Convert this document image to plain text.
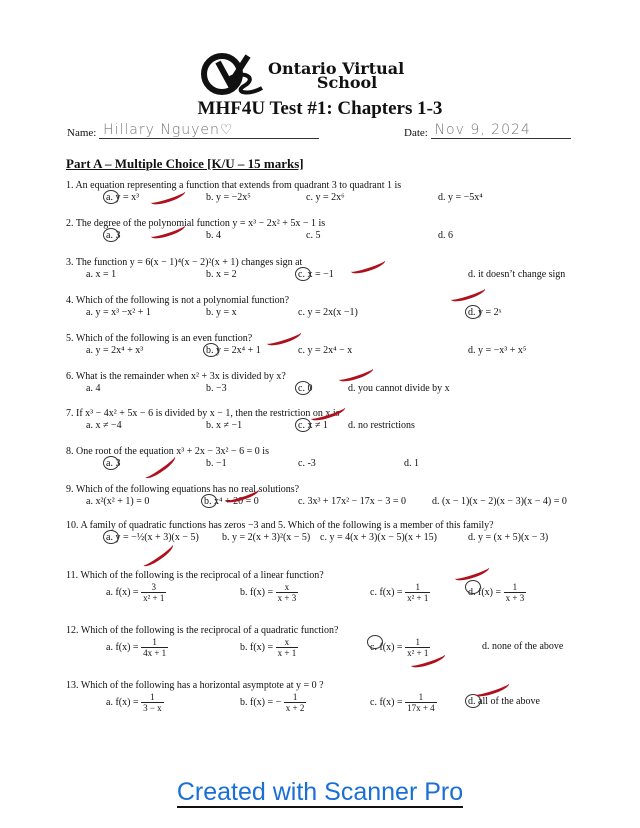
Ontario Virtual
School
MHF4U Test #1: Chapters 1-3
Name: Hillary Nguyen♡	Date: Nov 9, 2024
Part A – Multiple Choice [K/U – 15 marks]
1. An equation representing a function that extends from quadrant 3 to quadrant 1 is
a. y = x³	b. y = −2x⁵	c. y = 2x⁶	d. y = −5x⁴
2. The degree of the polynomial function y = x³ − 2x² + 5x − 1 is
a. 3	b. 4	c. 5	d. 6
3. The function y = 6(x − 1)⁴(x − 2)²(x + 1) changes sign at
a. x = 1	b. x = 2	c. x = −1	d. it doesn’t change sign
4. Which of the following is not a polynomial function?
a. y = x³ −x² + 1	b. y = x	c. y = 2x(x −1)	d. y = 2ˣ
5. Which of the following is an even function?
a. y = 2x⁴ + x³	b. y = 2x⁴ + 1	c. y = 2x⁴ − x	d. y = −x³ + x⁵
6. What is the remainder when x² + 3x is divided by x?
a. 4	b. −3	c. 0	d. you cannot divide by x
7. If x³ − 4x² + 5x − 6 is divided by x − 1, then the restriction on x is
a. x ≠ −4	b. x ≠ −1	c. x ≠ 1 d. no restrictions
8. One root of the equation x³ + 2x − 3x² − 6 = 0 is
a. 3	b. −1	c. -3	d. 1
9. Which of the following equations has no real solutions?
a. x²(x² + 1) = 0	b. x⁴ + 20 = 0	c. 3x³ + 17x² − 17x − 3 = 0	d. (x − 1)(x − 2)(x − 3)(x − 4) = 0
10. A family of quadratic functions has zeros −3 and 5. Which of the following is a member of this family?
a. y = −½(x + 3)(x − 5) b. y = 2(x + 3)²(x − 5) c. y = 4(x + 3)(x − 5)(x + 15)	d. y = (x + 5)(x − 3)
11. Which of the following is the reciprocal of a linear function?
a. $f(x) = \frac{3}{\text{x² + 1}}$	b. $f(x) = \frac{x}{x + 3}$	c. $f(x) = \frac{1}{\text{x² + 1}}$	d. $f(x) = \frac{1}{x + 3}$
12. Which of the following is the reciprocal of a quadratic function?
a. $f(x) = \frac{1}{4x + 1}$	b. $f(x) = \frac{x}{x + 1}$	c. $f(x) = \frac{1}{\text{x² + 1}}$	d. none of the above
13. Which of the following has a horizontal asymptote at y = 0 ?
a. $f(x) = \frac{1}{3 - x}$	b. f(x) = − $\frac{1}{x + 2}$	c. $f(x) = \frac{1}{17x + 4}$	d. all of the above
Created with Scanner Pro
